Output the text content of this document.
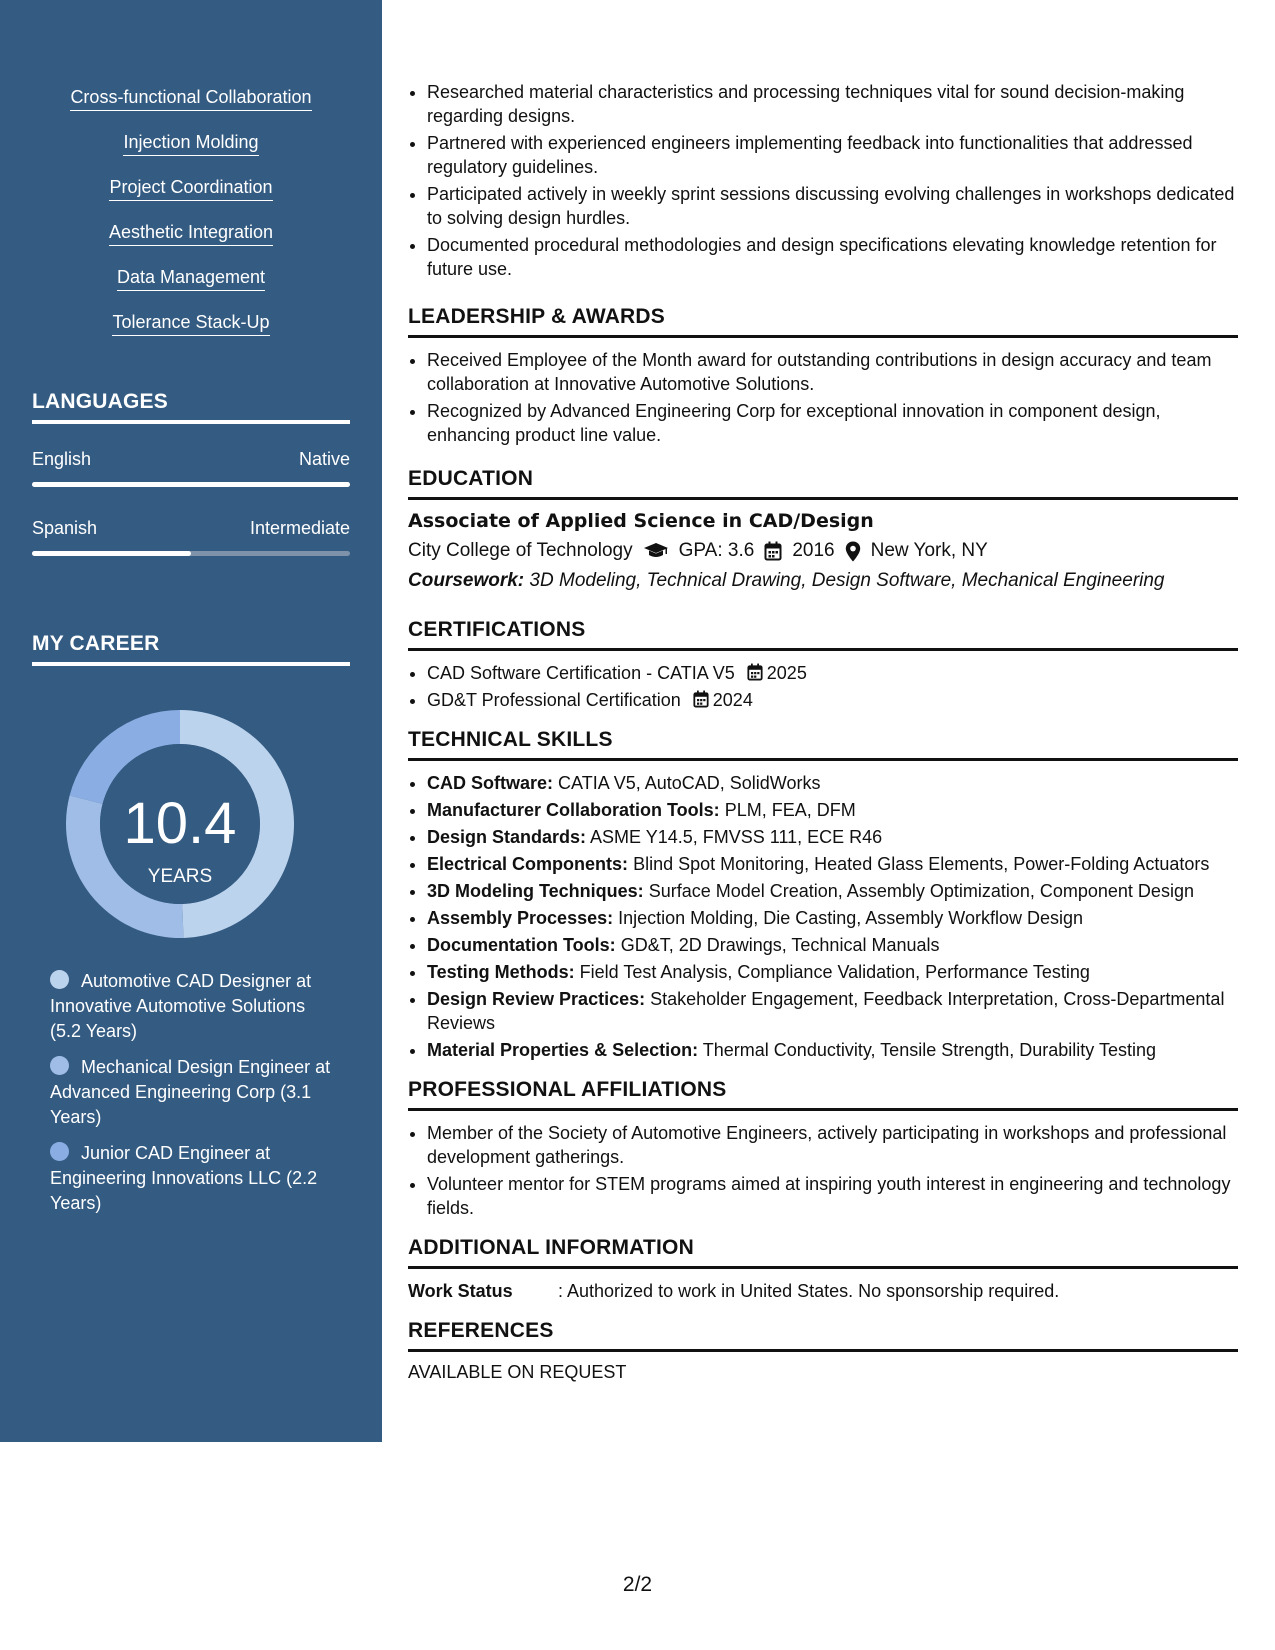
Cross-functional Collaboration
Injection Molding
Project Coordination
Aesthetic Integration
Data Management
Tolerance Stack-Up
LANGUAGES
English	Native
Spanish	Intermediate
MY CAREER
10.4
YEARS
Automotive CAD Designer at Innovative Automotive Solutions (5.2 Years)
Mechanical Design Engineer at Advanced Engineering Corp (3.1 Years)
Junior CAD Engineer at Engineering Innovations LLC (2.2 Years)
• Researched material characteristics and processing techniques vital for sound decision-making regarding designs.
• Partnered with experienced engineers implementing feedback into functionalities that addressed regulatory guidelines.
• Participated actively in weekly sprint sessions discussing evolving challenges in workshops dedicated to solving design hurdles.
• Documented procedural methodologies and design specifications elevating knowledge retention for future use.
LEADERSHIP & AWARDS
• Received Employee of the Month award for outstanding contributions in design accuracy and team collaboration at Innovative Automotive Solutions.
• Recognized by Advanced Engineering Corp for exceptional innovation in component design, enhancing product line value.
EDUCATION
Associate of Applied Science in CAD/Design
City College of Technology GPA: 3.6 2016 New York, NY
Coursework: 3D Modeling, Technical Drawing, Design Software, Mechanical Engineering
CERTIFICATIONS
• CAD Software Certification - CATIA V5 2025
• GD&T Professional Certification 2024
TECHNICAL SKILLS
• CAD Software: CATIA V5, AutoCAD, SolidWorks
• Manufacturer Collaboration Tools: PLM, FEA, DFM
• Design Standards: ASME Y14.5, FMVSS 111, ECE R46
• Electrical Components: Blind Spot Monitoring, Heated Glass Elements, Power-Folding Actuators
• 3D Modeling Techniques: Surface Model Creation, Assembly Optimization, Component Design
• Assembly Processes: Injection Molding, Die Casting, Assembly Workflow Design
• Documentation Tools: GD&T, 2D Drawings, Technical Manuals
• Testing Methods: Field Test Analysis, Compliance Validation, Performance Testing
• Design Review Practices: Stakeholder Engagement, Feedback Interpretation, Cross-Departmental Reviews
• Material Properties & Selection: Thermal Conductivity, Tensile Strength, Durability Testing
PROFESSIONAL AFFILIATIONS
• Member of the Society of Automotive Engineers, actively participating in workshops and professional development gatherings.
• Volunteer mentor for STEM programs aimed at inspiring youth interest in engineering and technology fields.
ADDITIONAL INFORMATION
Work Status	: Authorized to work in United States. No sponsorship required.
REFERENCES
AVAILABLE ON REQUEST
2/2
